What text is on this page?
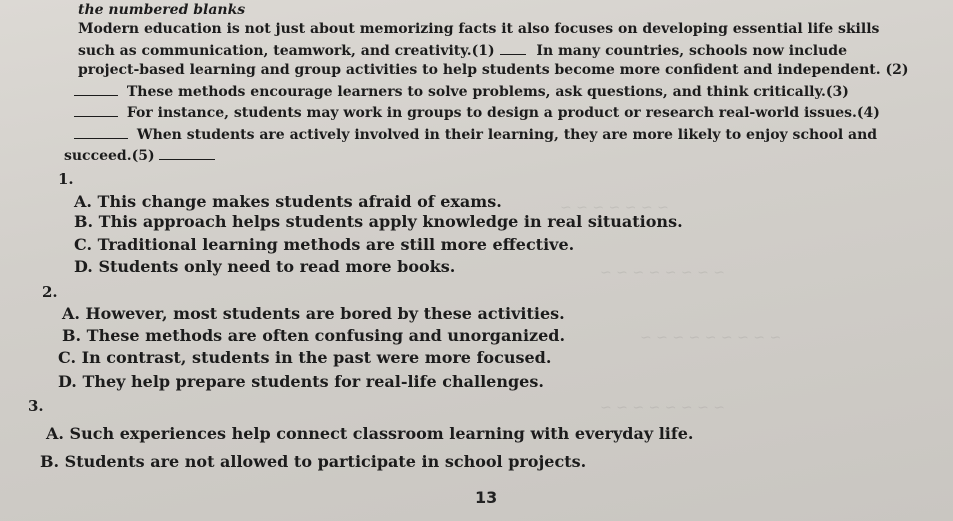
~ ~ ~ ~ ~ ~ ~
~ ~ ~ ~ ~ ~ ~ ~
~ ~ ~ ~ ~ ~ ~ ~ ~
~ ~ ~ ~ ~ ~ ~ ~
the numbered blanks
Modern education is not just about memorizing facts it also focuses on developing essential life skills
such as communication, teamwork, and creativity.(1)	In many countries, schools now include
project-based learning and group activities to help students become more confident and independent. (2)
These methods encourage learners to solve problems, ask questions, and think critically.(3)
For instance, students may work in groups to design a product or research real-world issues.(4)
When students are actively involved in their learning, they are more likely to enjoy school and
succeed.(5)
1.
A. This change makes students afraid of exams.
B. This approach helps students apply knowledge in real situations.
C. Traditional learning methods are still more effective.
D. Students only need to read more books.
2.
A. However, most students are bored by these activities.
B. These methods are often confusing and unorganized.
C. In contrast, students in the past were more focused.
D. They help prepare students for real-life challenges.
3.
A. Such experiences help connect classroom learning with everyday life.
B. Students are not allowed to participate in school projects.
13
